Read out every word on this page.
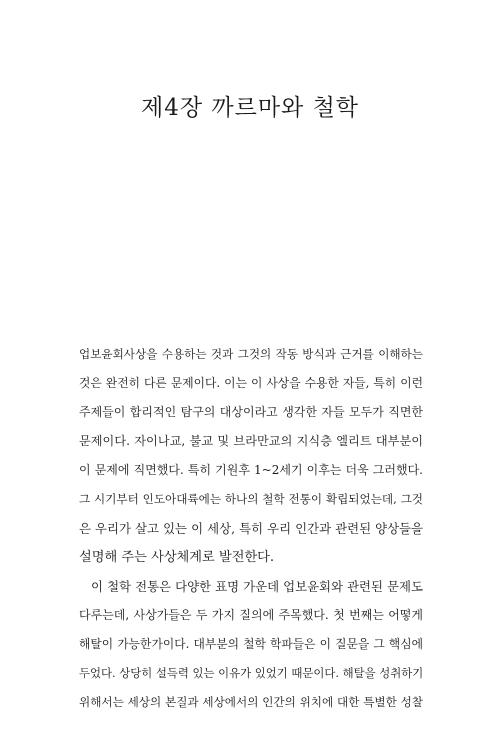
제4장 까르마와 철학
업보윤회사상을 수용하는 것과 그것의 작동 방식과 근거를 이해하는
것은 완전히 다른 문제이다. 이는 이 사상을 수용한 자들, 특히 이런
주제들이 합리적인 탐구의 대상이라고 생각한 자들 모두가 직면한
문제이다. 자이나교, 불교 및 브라만교의 지식층 엘리트 대부분이
이 문제에 직면했다. 특히 기원후 1~2세기 이후는 더욱 그러했다.
그 시기부터 인도아대륙에는 하나의 철학 전통이 확립되었는데, 그것
은 우리가 살고 있는 이 세상, 특히 우리 인간과 관련된 양상들을
설명해 주는 사상체계로 발전한다.
이 철학 전통은 다양한 표명 가운데 업보윤회와 관련된 문제도
다루는데, 사상가들은 두 가지 질의에 주목했다. 첫 번째는 어떻게
해탈이 가능한가이다. 대부분의 철학 학파들은 이 질문을 그 핵심에
두었다. 상당히 설득력 있는 이유가 있었기 때문이다. 해탈을 성취하기
위해서는 세상의 본질과 세상에서의 인간의 위치에 대한 특별한 성찰
